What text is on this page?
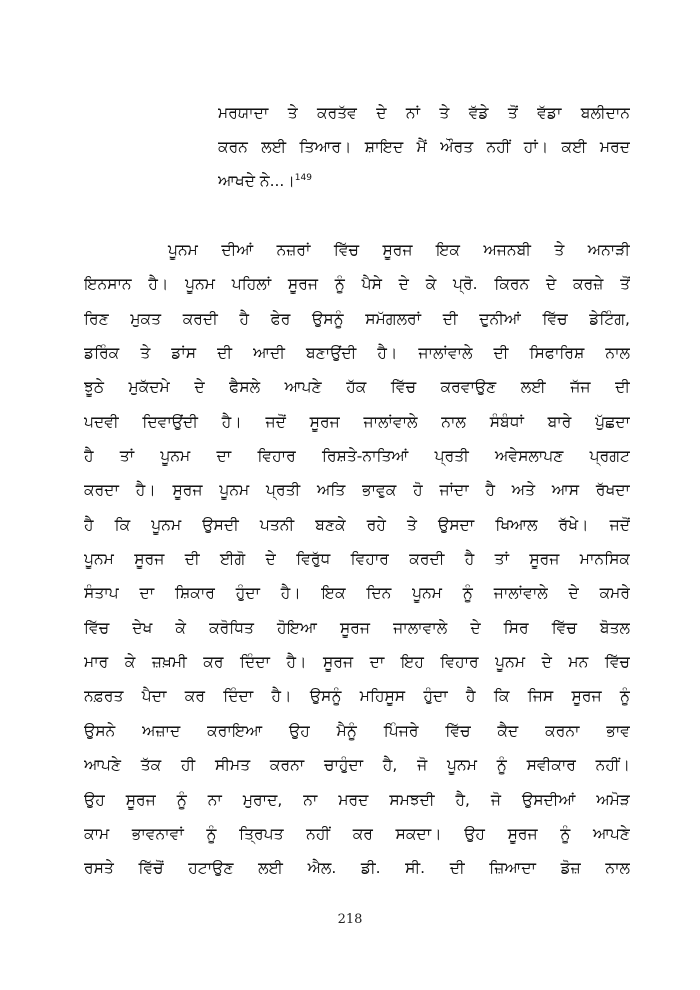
ਮਰਯਾਦਾ ਤੇ ਕਰਤੱਵ ਦੇ ਨਾਂ ਤੇ ਵੱਡੇ ਤੋਂ ਵੱਡਾ ਬਲੀਦਾਨ
ਕਰਨ ਲਈ ਤਿਆਰ। ਸ਼ਾਇਦ ਮੈਂ ਔਰਤ ਨਹੀਂ ਹਾਂ। ਕਈ ਮਰਦ
ਆਖਦੇ ਨੇ...।$^{149}$
ਪੂਨਮ ਦੀਆਂ ਨਜ਼ਰਾਂ ਵਿੱਚ ਸੂਰਜ ਇਕ ਅਜਨਬੀ ਤੇ ਅਨਾੜੀ
ਇਨਸਾਨ ਹੈ। ਪੂਨਮ ਪਹਿਲਾਂ ਸੂਰਜ ਨੂੰ ਪੈਸੇ ਦੇ ਕੇ ਪ੍ਰੋ. ਕਿਰਨ ਦੇ ਕਰਜ਼ੇ ਤੋਂ
ਰਿਣ ਮੁਕਤ ਕਰਦੀ ਹੈ ਫੇਰ ਉਸਨੂੰ ਸਮੱਗਲਰਾਂ ਦੀ ਦੁਨੀਆਂ ਵਿੱਚ ਡੇਟਿੰਗ,
ਡਰਿੰਕ ਤੇ ਡਾਂਸ ਦੀ ਆਦੀ ਬਣਾਉਂਦੀ ਹੈ। ਜਾਲਾਂਵਾਲੇ ਦੀ ਸਿਫਾਰਿਸ਼ ਨਾਲ
ਝੂਠੇ ਮੁਕੱਦਮੇ ਦੇ ਫੈਸਲੇ ਆਪਣੇ ਹੱਕ ਵਿੱਚ ਕਰਵਾਉਣ ਲਈ ਜੱਜ ਦੀ
ਪਦਵੀ ਦਿਵਾਉਂਦੀ ਹੈ। ਜਦੋਂ ਸੂਰਜ ਜਾਲਾਂਵਾਲੇ ਨਾਲ ਸੰਬੰਧਾਂ ਬਾਰੇ ਪੁੱਛਦਾ
ਹੈ ਤਾਂ ਪੂਨਮ ਦਾ ਵਿਹਾਰ ਰਿਸ਼ਤੇ-ਨਾਤਿਆਂ ਪ੍ਰਤੀ ਅਵੇਸਲਾਪਣ ਪ੍ਰਗਟ
ਕਰਦਾ ਹੈ। ਸੂਰਜ ਪੂਨਮ ਪ੍ਰਤੀ ਅਤਿ ਭਾਵੁਕ ਹੋ ਜਾਂਦਾ ਹੈ ਅਤੇ ਆਸ ਰੱਖਦਾ
ਹੈ ਕਿ ਪੂਨਮ ਉਸਦੀ ਪਤਨੀ ਬਣਕੇ ਰਹੇ ਤੇ ਉਸਦਾ ਖਿਆਲ ਰੱਖੇ। ਜਦੋਂ
ਪੂਨਮ ਸੂਰਜ ਦੀ ਈਗੋ ਦੇ ਵਿਰੁੱਧ ਵਿਹਾਰ ਕਰਦੀ ਹੈ ਤਾਂ ਸੂਰਜ ਮਾਨਸਿਕ
ਸੰਤਾਪ ਦਾ ਸ਼ਿਕਾਰ ਹੁੰਦਾ ਹੈ। ਇਕ ਦਿਨ ਪੂਨਮ ਨੂੰ ਜਾਲਾਂਵਾਲੇ ਦੇ ਕਮਰੇ
ਵਿੱਚ ਦੇਖ ਕੇ ਕਰੋਧਿਤ ਹੋਇਆ ਸੂਰਜ ਜਾਲਾਵਾਲੇ ਦੇ ਸਿਰ ਵਿੱਚ ਬੋਤਲ
ਮਾਰ ਕੇ ਜ਼ਖ਼ਮੀ ਕਰ ਦਿੰਦਾ ਹੈ। ਸੂਰਜ ਦਾ ਇਹ ਵਿਹਾਰ ਪੂਨਮ ਦੇ ਮਨ ਵਿੱਚ
ਨਫ਼ਰਤ ਪੈਦਾ ਕਰ ਦਿੰਦਾ ਹੈ। ਉਸਨੂੰ ਮਹਿਸੂਸ ਹੁੰਦਾ ਹੈ ਕਿ ਜਿਸ ਸੂਰਜ ਨੂੰ
ਉਸਨੇ ਅਜ਼ਾਦ ਕਰਾਇਆ ਉਹ ਮੈਨੂੰ ਪਿੰਜਰੇ ਵਿੱਚ ਕੈਦ ਕਰਨਾ ਭਾਵ
ਆਪਣੇ ਤੱਕ ਹੀ ਸੀਮਤ ਕਰਨਾ ਚਾਹੁੰਦਾ ਹੈ, ਜੋ ਪੂਨਮ ਨੂੰ ਸਵੀਕਾਰ ਨਹੀਂ।
ਉਹ ਸੂਰਜ ਨੂੰ ਨਾ ਮੁਰਾਦ, ਨਾ ਮਰਦ ਸਮਝਦੀ ਹੈ, ਜੋ ਉਸਦੀਆਂ ਅਮੋੜ
ਕਾਮ ਭਾਵਨਾਵਾਂ ਨੂੰ ਤ੍ਰਿਪਤ ਨਹੀਂ ਕਰ ਸਕਦਾ। ਉਹ ਸੂਰਜ ਨੂੰ ਆਪਣੇ
ਰਸਤੇ ਵਿੱਚੋਂ ਹਟਾਉਣ ਲਈ ਐਲ. ਡੀ. ਸੀ. ਦੀ ਜ਼ਿਆਦਾ ਡੋਜ਼ ਨਾਲ
218
